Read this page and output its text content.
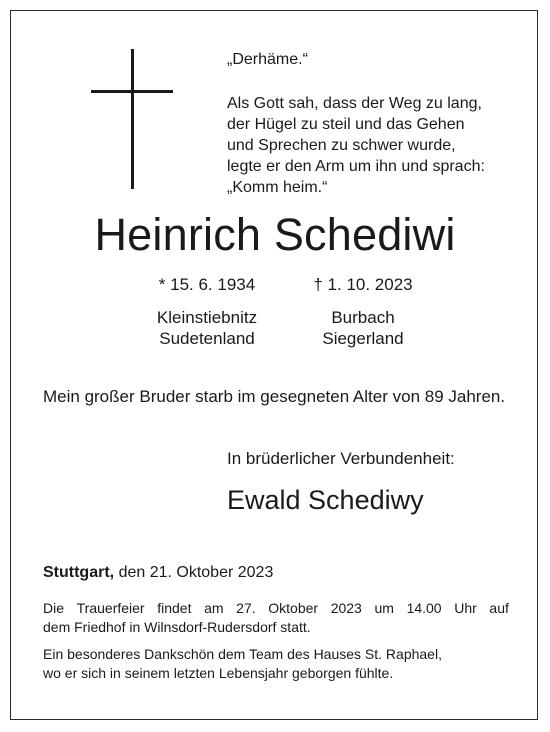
„Derhäme.“
Als Gott sah, dass der Weg zu lang,
der Hügel zu steil und das Gehen
und Sprechen zu schwer wurde,
legte er den Arm um ihn und sprach:
„Komm heim.“
Heinrich Schediwi
* 15. 6. 1934	† 1. 10. 2023
Kleinstiebnitz
Sudetenland
Burbach
Siegerland
Mein großer Bruder starb im gesegneten Alter von 89 Jahren.
In brüderlicher Verbundenheit:
Ewald Schediwy
Stuttgart, den 21. Oktober 2023
Die Trauerfeier findet am 27. Oktober 2023 um 14.00 Uhr auf
dem Friedhof in Wilnsdorf-Rudersdorf statt.
Ein besonderes Dankschön dem Team des Hauses St. Raphael,
wo er sich in seinem letzten Lebensjahr geborgen fühlte.
